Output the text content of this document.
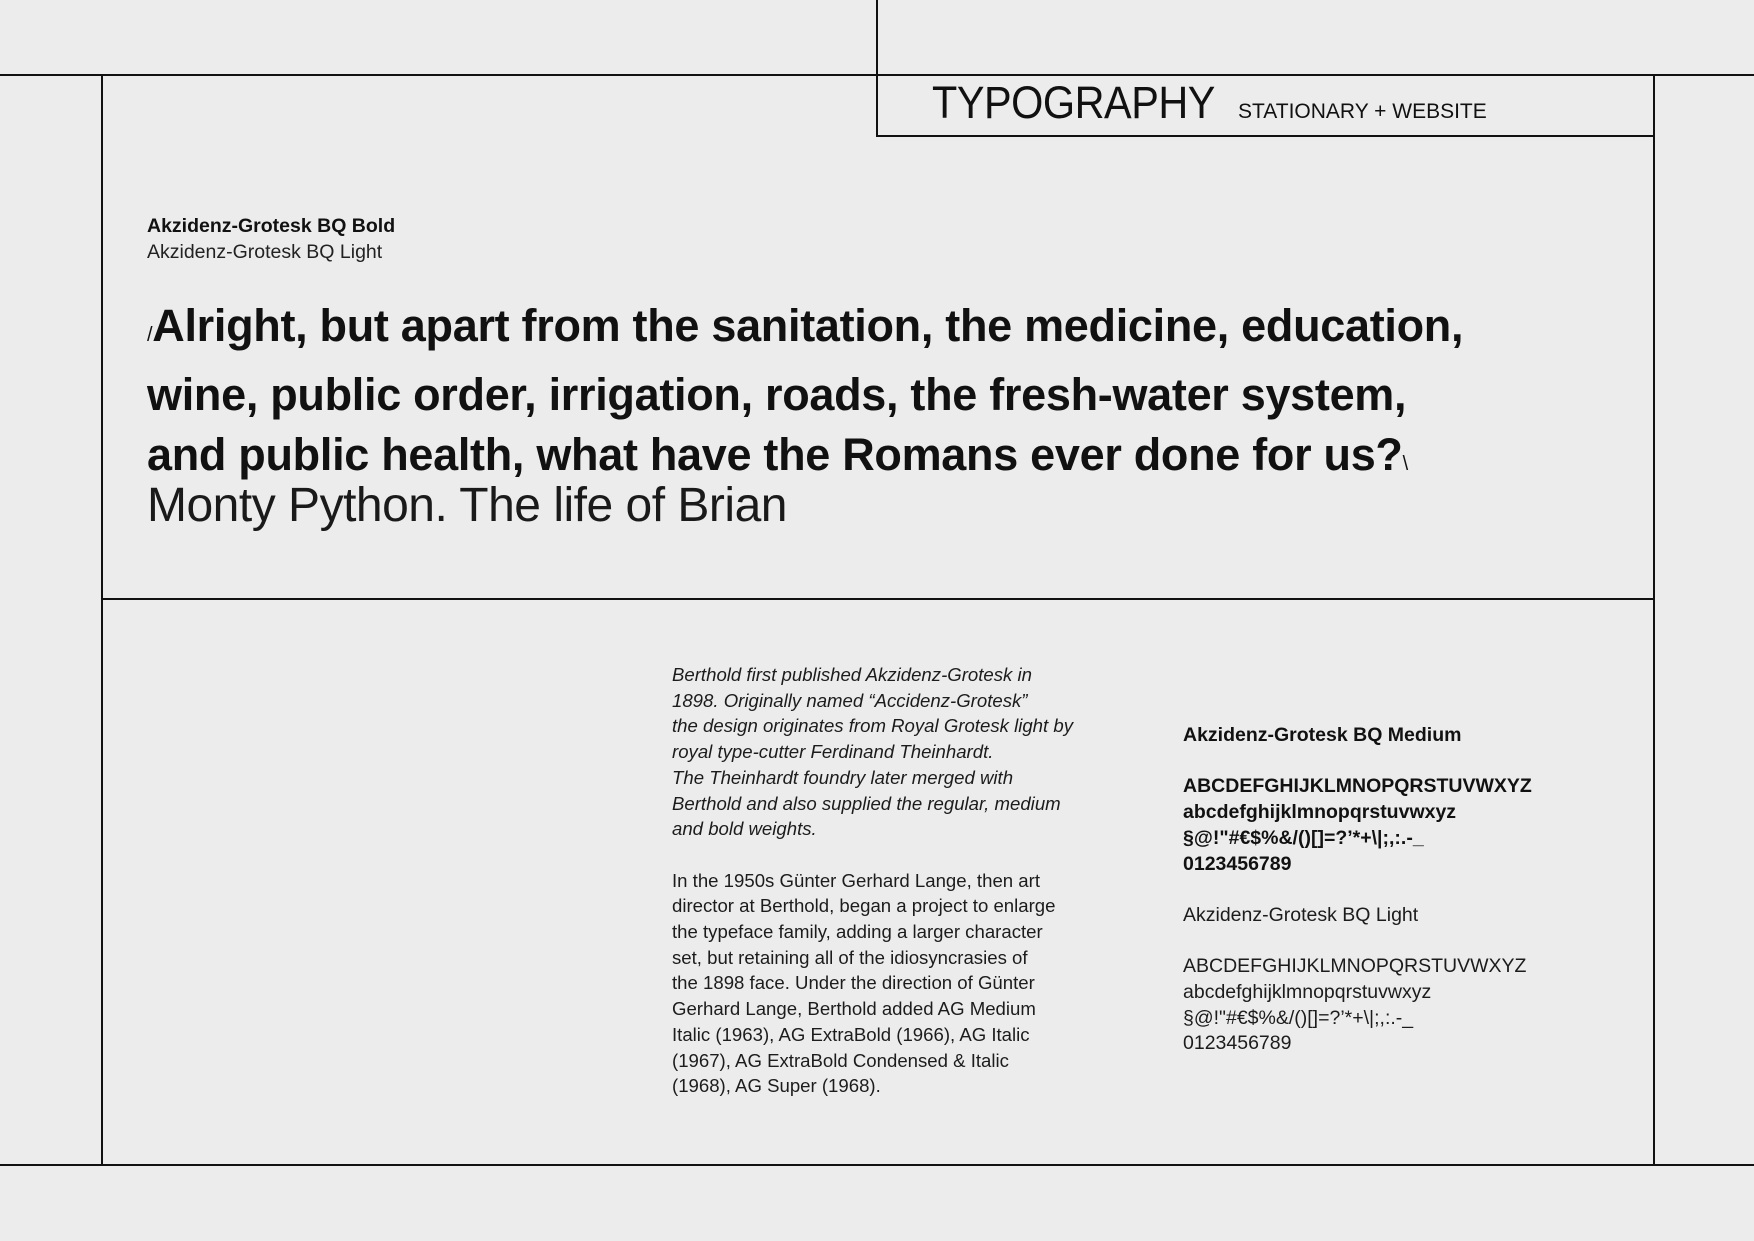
TYPOGRAPHY STATIONARY + WEBSITE
Akzidenz-Grotesk BQ Bold
Akzidenz-Grotesk BQ Light
/Alright, but apart from the sanitation, the medicine, education,
wine, public order, irrigation, roads, the fresh-water system,
and public health, what have the Romans ever done for us?\
Monty Python. The life of Brian

Berthold first published Akzidenz-Grotesk in

1898. Originally named “Accidenz-Grotesk”

the design originates from Royal Grotesk light by

royal type-cutter Ferdinand Theinhardt.

The Theinhardt foundry later merged with

Berthold and also supplied the regular, medium

and bold weights.

In the 1950s Günter Gerhard Lange, then art

director at Berthold, began a project to enlarge

the typeface family, adding a larger character

set, but retaining all of the idiosyncrasies of

the 1898 face. Under the direction of Günter

Gerhard Lange, Berthold added AG Medium

Italic (1963), AG ExtraBold (1966), AG Italic

(1967), AG ExtraBold Condensed & Italic

(1968), AG Super (1968).

Akzidenz-Grotesk BQ Medium
ABCDEFGHIJKLMNOPQRSTUVWXYZ
abcdefghijklmnopqrstuvwxyz
§@!"#€$%&/()[]=?’*+\|;,:.-_
0123456789
Akzidenz-Grotesk BQ Light
ABCDEFGHIJKLMNOPQRSTUVWXYZ
abcdefghijklmnopqrstuvwxyz
§@!"#€$%&/()[]=?’*+\|;,:.-_
0123456789
